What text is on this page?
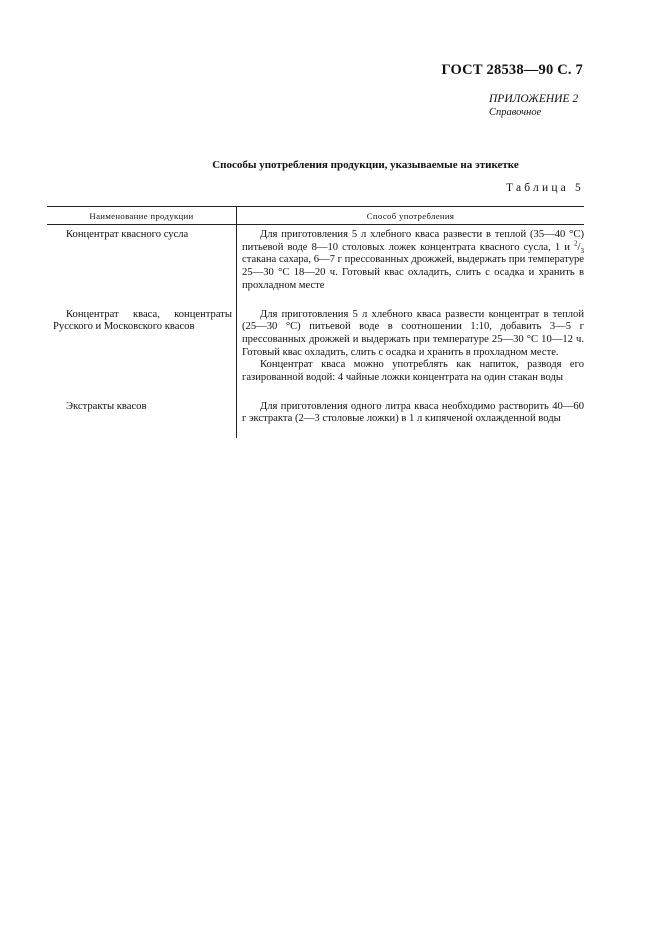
ГОСТ 28538—90 С. 7
ПРИЛОЖЕНИЕ 2
Справочное
Способы употребления продукции, указываемые на этикетке
Таблица 5
Наименование продукции	Способ употребления

Концентрат квасного сусла	Для приготовления 5 л хлебного кваса развести в теплой (35—40 °С) питьевой воде 8—10 столовых ложек концентрата квасного сусла, 1 и $^2/_3$ стакана сахара, 6—7 г прессованных дрожжей, выдержать при температуре 25—30 °С 18—20 ч. Готовый квас охладить, слить с осадка и хранить в прохладном месте

Концентрат кваса, концентраты Русского и Московского квасов	Для приготовления 5 л хлебного кваса развести концентрат в теплой (25—30 °С) питьевой воде в соотношении 1:10, добавить 3—5 г прессованных дрожжей и выдержать при температуре 25—30 °С 10—12 ч. Готовый квас охладить, слить с осадка и хранить в прохладном месте.
Концентрат кваса можно употреблять как напиток, разводя его газированной водой: 4 чайные ложки концентрата на один стакан воды

Экстракты квасов	Для приготовления одного литра кваса необходимо растворить 40—60 г экстракта (2—3 столовые ложки) в 1 л кипяченой охлажденной воды
